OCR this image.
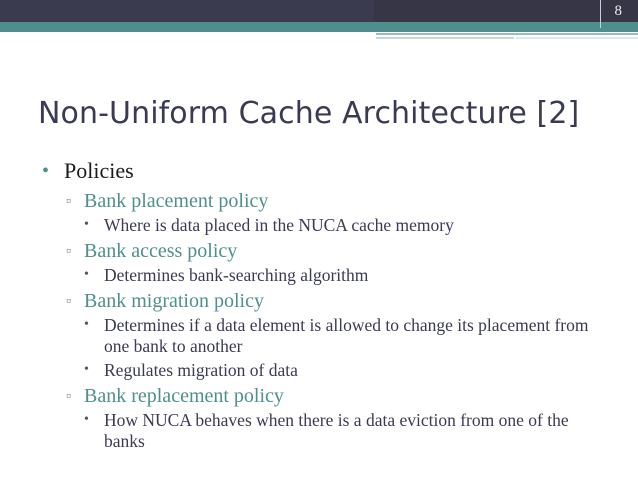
8
Non-Uniform Cache Architecture [2]
• Policies
▫ Bank placement policy
• Where is data placed in the NUCA cache memory
▫ Bank access policy
• Determines bank-searching algorithm
▫ Bank migration policy
• Determines if a data element is allowed to change its placement from one bank to another
• Regulates migration of data
▫ Bank replacement policy
• How NUCA behaves when there is a data eviction from one of the banks
